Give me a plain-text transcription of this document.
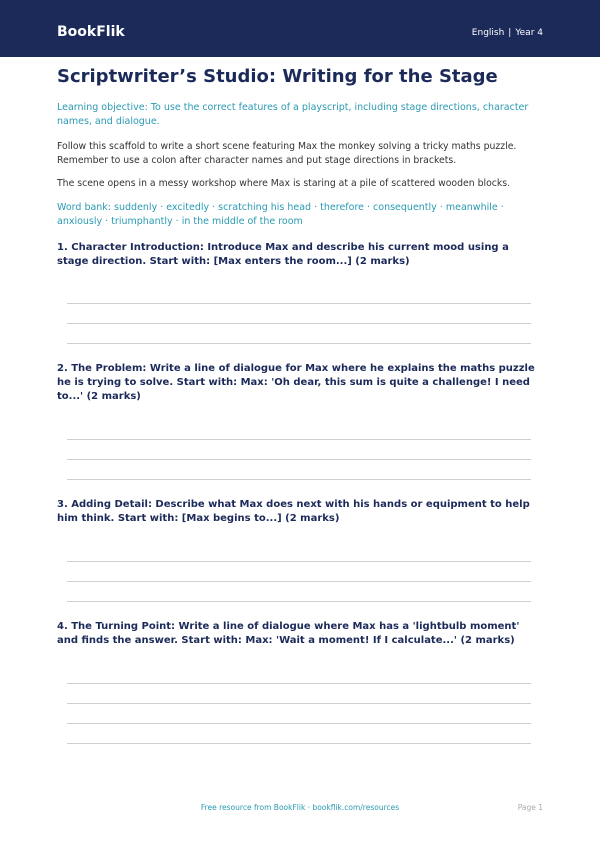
BookFlik	English | Year 4
Scriptwriter’s Studio: Writing for the Stage
Learning objective: To use the correct features of a playscript, including stage directions, character names, and dialogue.
Follow this scaffold to write a short scene featuring Max the monkey solving a tricky maths puzzle. Remember to use a colon after character names and put stage directions in brackets.
The scene opens in a messy workshop where Max is staring at a pile of scattered wooden blocks.
Word bank: suddenly · excitedly · scratching his head · therefore · consequently · meanwhile · anxiously · triumphantly · in the middle of the room
1. Character Introduction: Introduce Max and describe his current mood using a stage direction. Start with: [Max enters the room...] (2 marks)
2. The Problem: Write a line of dialogue for Max where he explains the maths puzzle he is trying to solve. Start with: Max: 'Oh dear, this sum is quite a challenge! I need to...' (2 marks)
3. Adding Detail: Describe what Max does next with his hands or equipment to help him think. Start with: [Max begins to...] (2 marks)
4. The Turning Point: Write a line of dialogue where Max has a 'lightbulb moment' and finds the answer. Start with: Max: 'Wait a moment! If I calculate...' (2 marks)
Free resource from BookFlik · bookflik.com/resources	Page 1
